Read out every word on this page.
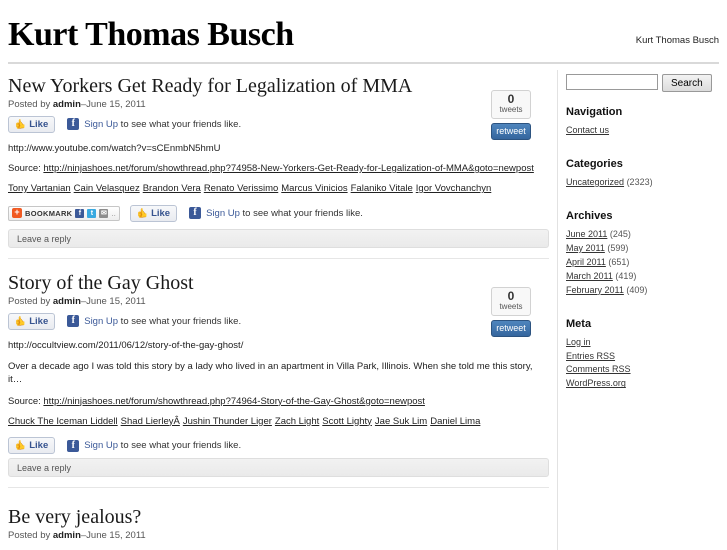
Kurt Thomas Busch	Kurt Thomas Busch
New Yorkers Get Ready for Legalization of MMA
Posted by admin–June 15, 2011
👍 Like	f Sign Up to see what your friends like.
0
tweets
retweet
http://www.youtube.com/watch?v=sCEnmbN5hmU
Source: http://ninjashoes.net/forum/showthread.php?74958-New-Yorkers-Get-Ready-for-Legalization-of-MMA&goto=newpost
Tony Vartanian Cain Velasquez Brandon Vera Renato Verissimo Marcus Vinicios Falaniko Vitale Igor Vovchanchyn
+ BOOKMARK f	t	✉ .. 👍 Like	f Sign Up to see what your friends like.
Leave a reply
Story of the Gay Ghost
Posted by admin–June 15, 2011
👍 Like	f Sign Up to see what your friends like.
0
tweets
retweet
http://occultview.com/2011/06/12/story-of-the-gay-ghost/
Over a decade ago I was told this story by a lady who lived in an apartment in Villa Park, Illinois. When she told me this story, it…
Source: http://ninjashoes.net/forum/showthread.php?74964-Story-of-the-Gay-Ghost&goto=newpost
Chuck The Iceman Liddell Shad LierleyÂ Jushin Thunder Liger Zach Light Scott Lighty Jae Suk Lim Daniel Lima
👍 Like	f Sign Up to see what your friends like.
Leave a reply
Be very jealous?
Posted by admin–June 15, 2011
Search
Navigation
Contact us
Categories
Uncategorized (2323)
Archives
June 2011 (245)
May 2011 (599)
April 2011 (651)
March 2011 (419)
February 2011 (409)
Meta
Log in
Entries RSS
Comments RSS
WordPress.org
